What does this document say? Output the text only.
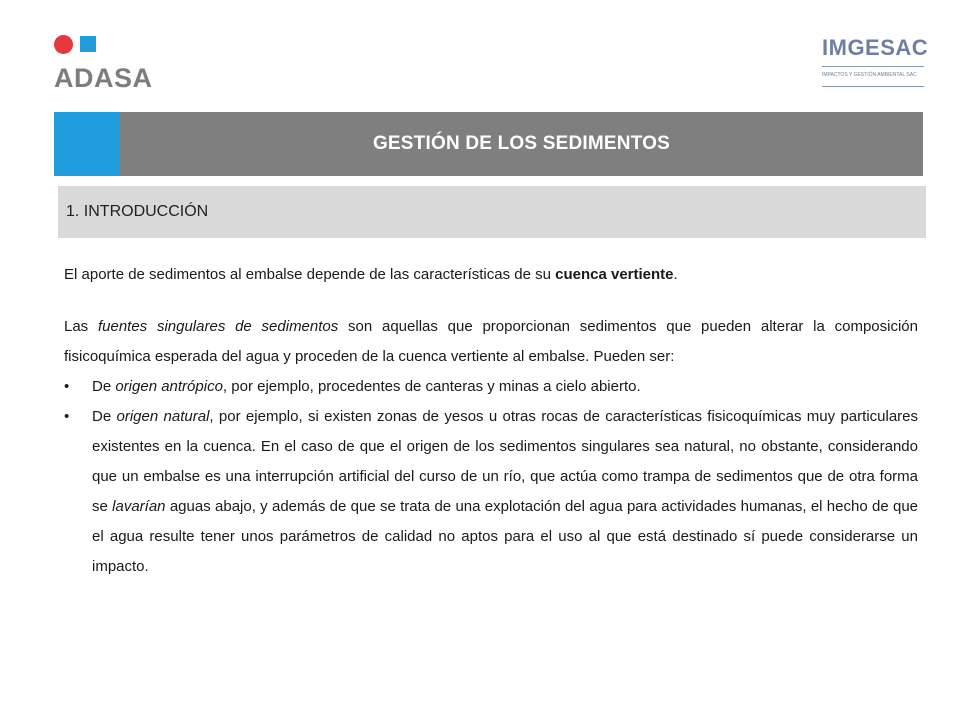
ADASA
IMGESAC
IMPACTOS Y GESTIÓN AMBIENTAL SAC
GESTIÓN DE LOS SEDIMENTOS
1. INTRODUCCIÓN

El aporte de sedimentos al embalse depende de las características de su cuenca vertiente.

Las fuentes singulares de sedimentos son aquellas que proporcionan sedimentos que pueden alterar la composición fisicoquímica esperada del agua y proceden de la cuenca vertiente al embalse. Pueden ser:

• De origen antrópico, por ejemplo, procedentes de canteras y minas a cielo abierto.
• De origen natural, por ejemplo, si existen zonas de yesos u otras rocas de características fisicoquímicas muy particulares existentes en la cuenca. En el caso de que el origen de los sedimentos singulares sea natural, no obstante, considerando que un embalse es una interrupción artificial del curso de un río, que actúa como trampa de sedimentos que de otra forma se lavarían aguas abajo, y además de que se trata de una explotación del agua para actividades humanas, el hecho de que el agua resulte tener unos parámetros de calidad no aptos para el uso al que está destinado sí puede considerarse un impacto.
